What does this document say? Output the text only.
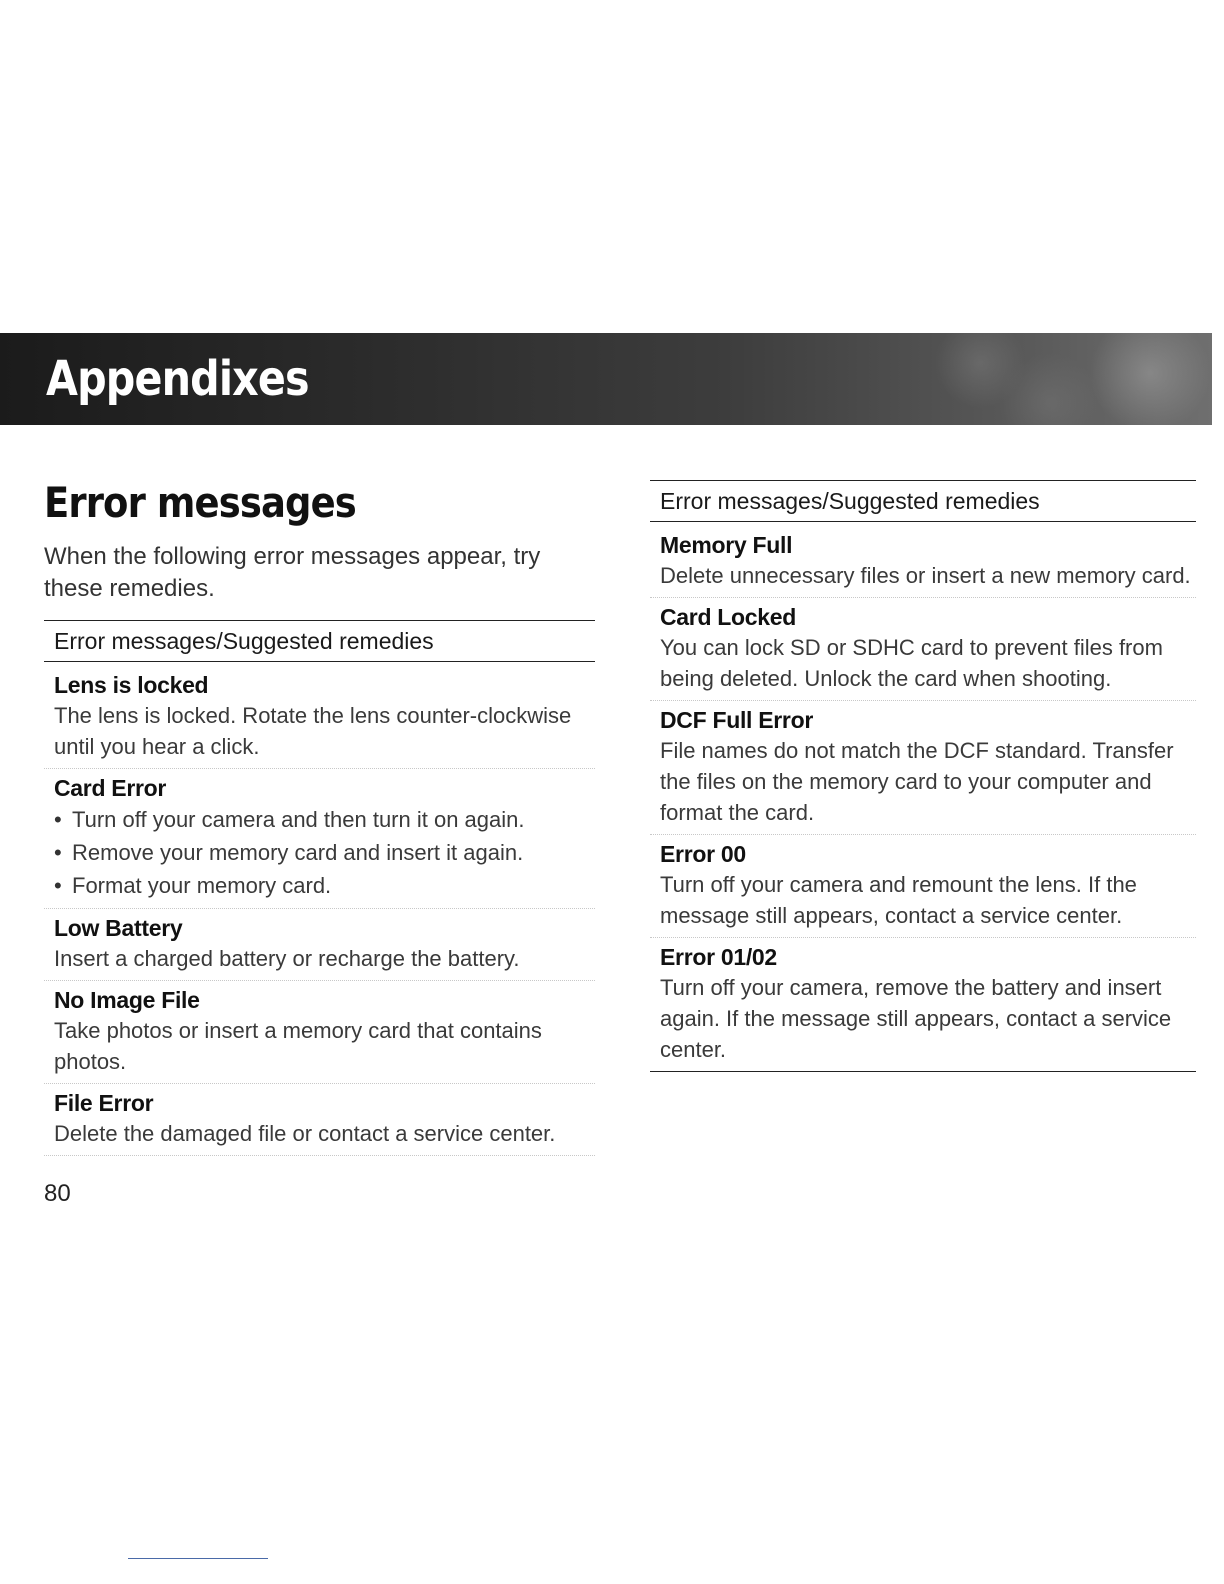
Appendixes
Error messages

When the following error messages appear, try these remedies.

Error messages/Suggested remedies
Lens is locked
The lens is locked. Rotate the lens counter-clockwise until you hear a click.
Card Error
• Turn off your camera and then turn it on again.
• Remove your memory card and insert it again.
• Format your memory card.
Low Battery
Insert a charged battery or recharge the battery.
No Image File
Take photos or insert a memory card that contains photos.
File Error
Delete the damaged file or contact a service center.
Error messages/Suggested remedies
Memory Full
Delete unnecessary files or insert a new memory card.
Card Locked
You can lock SD or SDHC card to prevent files from being deleted. Unlock the card when shooting.
DCF Full Error
File names do not match the DCF standard. Transfer the files on the memory card to your computer and format the card.
Error 00
Turn off your camera and remount the lens. If the message still appears, contact a service center.
Error 01/02
Turn off your camera, remove the battery and insert again. If the message still appears, contact a service center.
80
